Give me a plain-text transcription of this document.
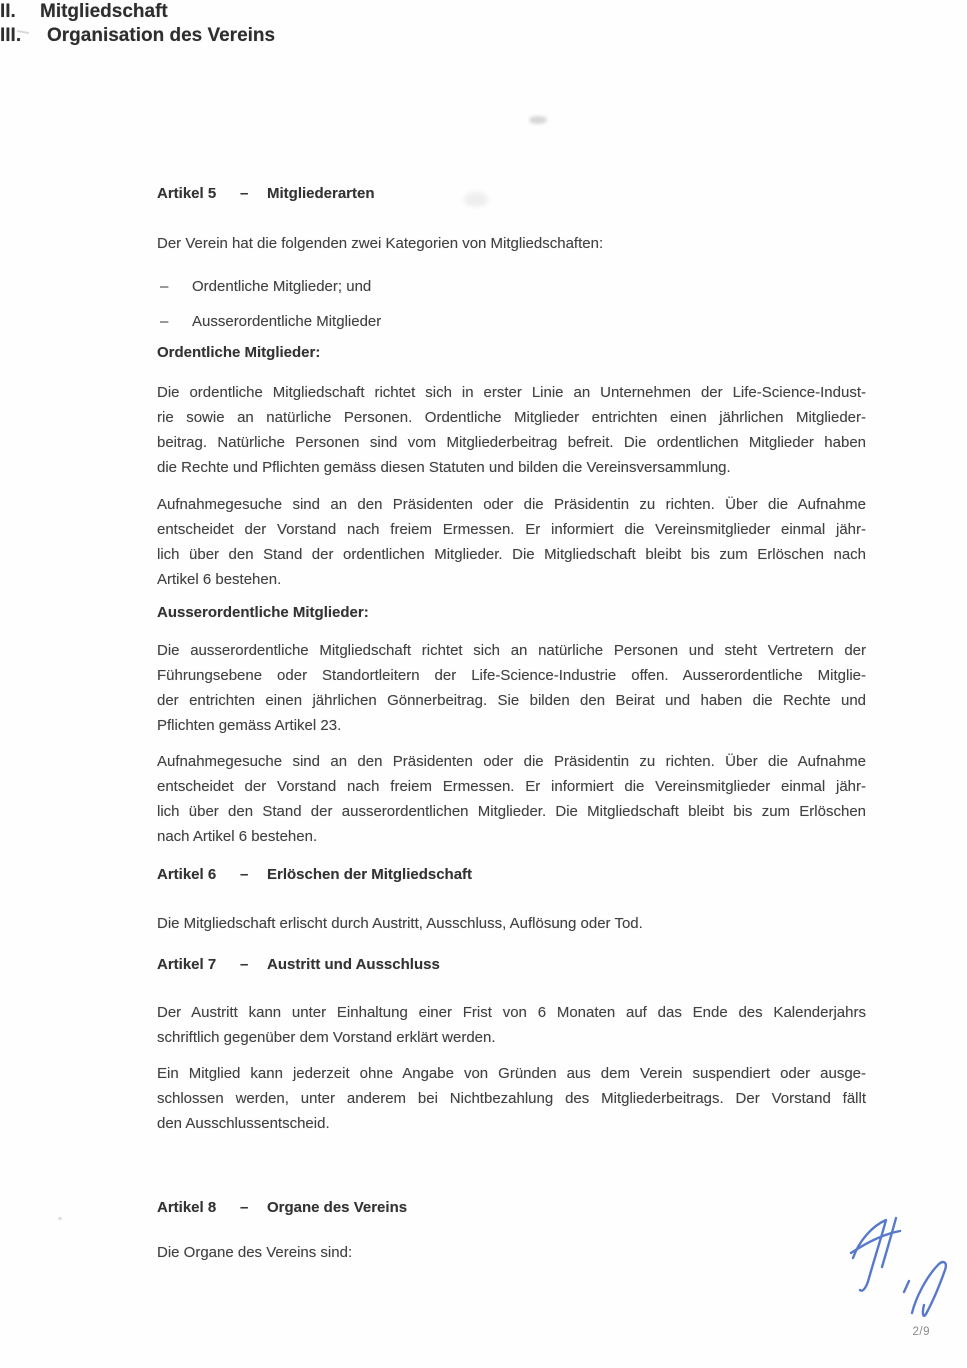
II.	Mitgliedschaft
Artikel 5	–	Mitgliederarten
Der Verein hat die folgenden zwei Kategorien von Mitgliedschaften:
–	Ordentliche Mitglieder; und
–	Ausserordentliche Mitglieder
Ordentliche Mitglieder:
Die ordentliche Mitgliedschaft richtet sich in erster Linie an Unternehmen der Life-Science-Indust-
rie sowie an natürliche Personen. Ordentliche Mitglieder entrichten einen jährlichen Mitglieder-
beitrag. Natürliche Personen sind vom Mitgliederbeitrag befreit. Die ordentlichen Mitglieder haben
die Rechte und Pflichten gemäss diesen Statuten und bilden die Vereinsversammlung.
Aufnahmegesuche sind an den Präsidenten oder die Präsidentin zu richten. Über die Aufnahme
entscheidet der Vorstand nach freiem Ermessen. Er informiert die Vereinsmitglieder einmal jähr-
lich über den Stand der ordentlichen Mitglieder. Die Mitgliedschaft bleibt bis zum Erlöschen nach
Artikel 6 bestehen.
Ausserordentliche Mitglieder:
Die ausserordentliche Mitgliedschaft richtet sich an natürliche Personen und steht Vertretern der
Führungsebene oder Standortleitern der Life-Science-Industrie offen. Ausserordentliche Mitglie-
der entrichten einen jährlichen Gönnerbeitrag. Sie bilden den Beirat und haben die Rechte und
Pflichten gemäss Artikel 23.
Aufnahmegesuche sind an den Präsidenten oder die Präsidentin zu richten. Über die Aufnahme
entscheidet der Vorstand nach freiem Ermessen. Er informiert die Vereinsmitglieder einmal jähr-
lich über den Stand der ausserordentlichen Mitglieder. Die Mitgliedschaft bleibt bis zum Erlöschen
nach Artikel 6 bestehen.
Artikel 6	–	Erlöschen der Mitgliedschaft
Die Mitgliedschaft erlischt durch Austritt, Ausschluss, Auflösung oder Tod.
Artikel 7	–	Austritt und Ausschluss
Der Austritt kann unter Einhaltung einer Frist von 6 Monaten auf das Ende des Kalenderjahrs
schriftlich gegenüber dem Vorstand erklärt werden.
Ein Mitglied kann jederzeit ohne Angabe von Gründen aus dem Verein suspendiert oder ausge-
schlossen werden, unter anderem bei Nichtbezahlung des Mitgliederbeitrags. Der Vorstand fällt
den Ausschlussentscheid.
III.	Organisation des Vereins
Artikel 8	–	Organe des Vereins
Die Organe des Vereins sind:
2/9
